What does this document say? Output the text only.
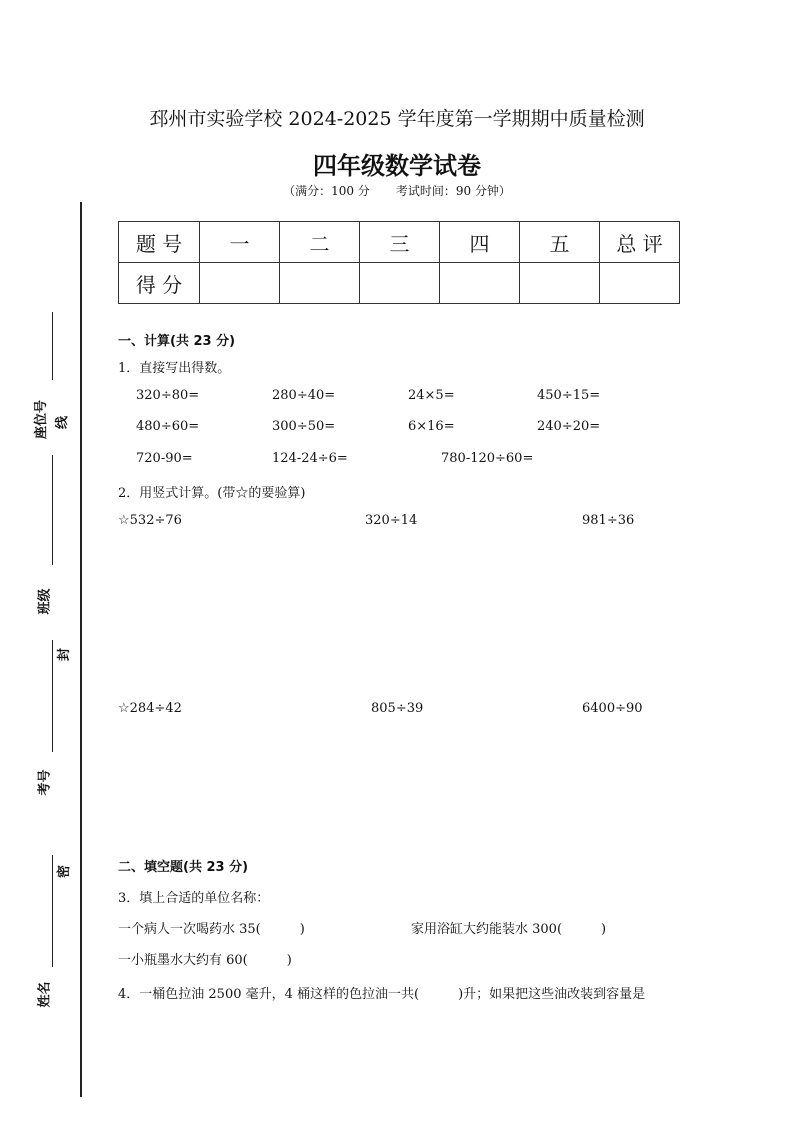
座位号 线
班级
封
考号
密
姓名
邳州市实验学校 2024-2025 学年度第一学期期中质量检测
四年级数学试卷
（满分：100 分 考试时间：90 分钟）
题 号	一	二	三	四	五	总 评
得 分						
一、计算(共 23 分)
1．直接写出得数。
320÷80=	280÷40=	24×5=	450÷15=
480÷60=	300÷50=	6×16=	240÷20=
720-90=	124-24÷6=	780-120÷60=
2．用竖式计算。(带☆的要验算)
☆532÷76	320÷14	981÷36
☆284÷42	805÷39	6400÷90
二、填空题(共 23 分)
3．填上合适的单位名称：
一个病人一次喝药水 35(　　　)	家用浴缸大约能装水 300(　　　)
一小瓶墨水大约有 60(　　　)
4．一桶色拉油 2500 毫升，4 桶这样的色拉油一共(　　　)升；如果把这些油改装到容量是
